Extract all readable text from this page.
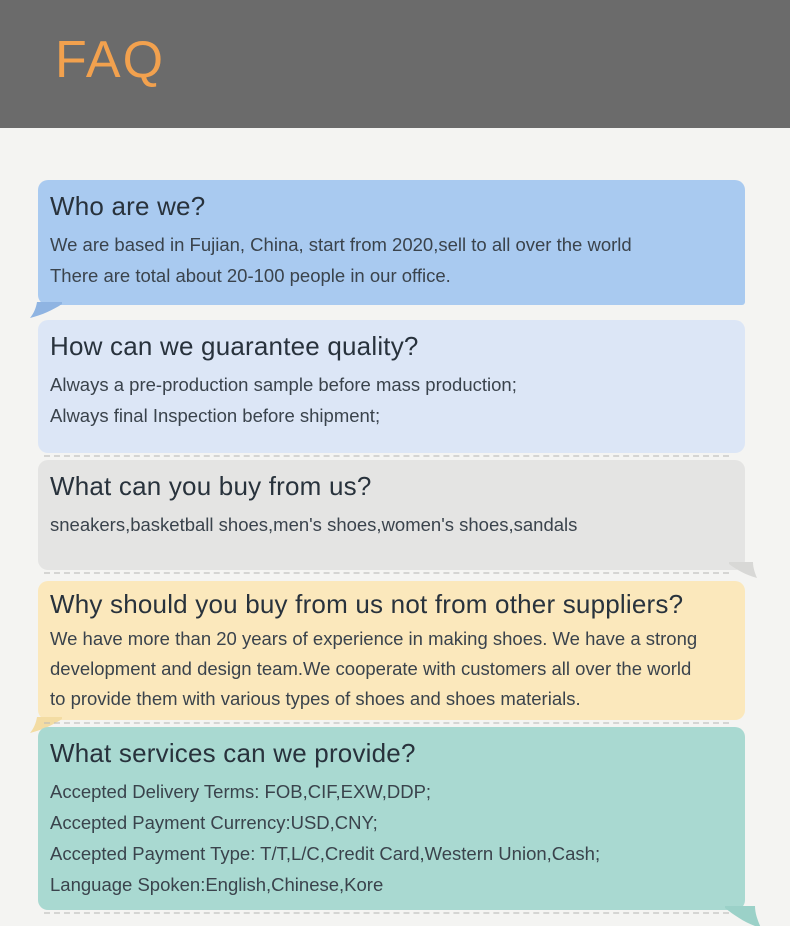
FAQ
Who are we?

We are based in Fujian, China, start from 2020,sell to all over the world

There are total about 20-100 people in our office.

How can we guarantee quality?

Always a pre-production sample before mass production;

Always final Inspection before shipment;

What can you buy from us?

sneakers,basketball shoes,men's shoes,women's shoes,sandals

Why should you buy from us not from other suppliers?

We have more than 20 years of experience in making shoes. We have a strong

development and design team.We cooperate with customers all over the world

to provide them with various types of shoes and shoes materials.

What services can we provide?

Accepted Delivery Terms: FOB,CIF,EXW,DDP;

Accepted Payment Currency:USD,CNY;

Accepted Payment Type: T/T,L/C,Credit Card,Western Union,Cash;

Language Spoken:English,Chinese,Kore
